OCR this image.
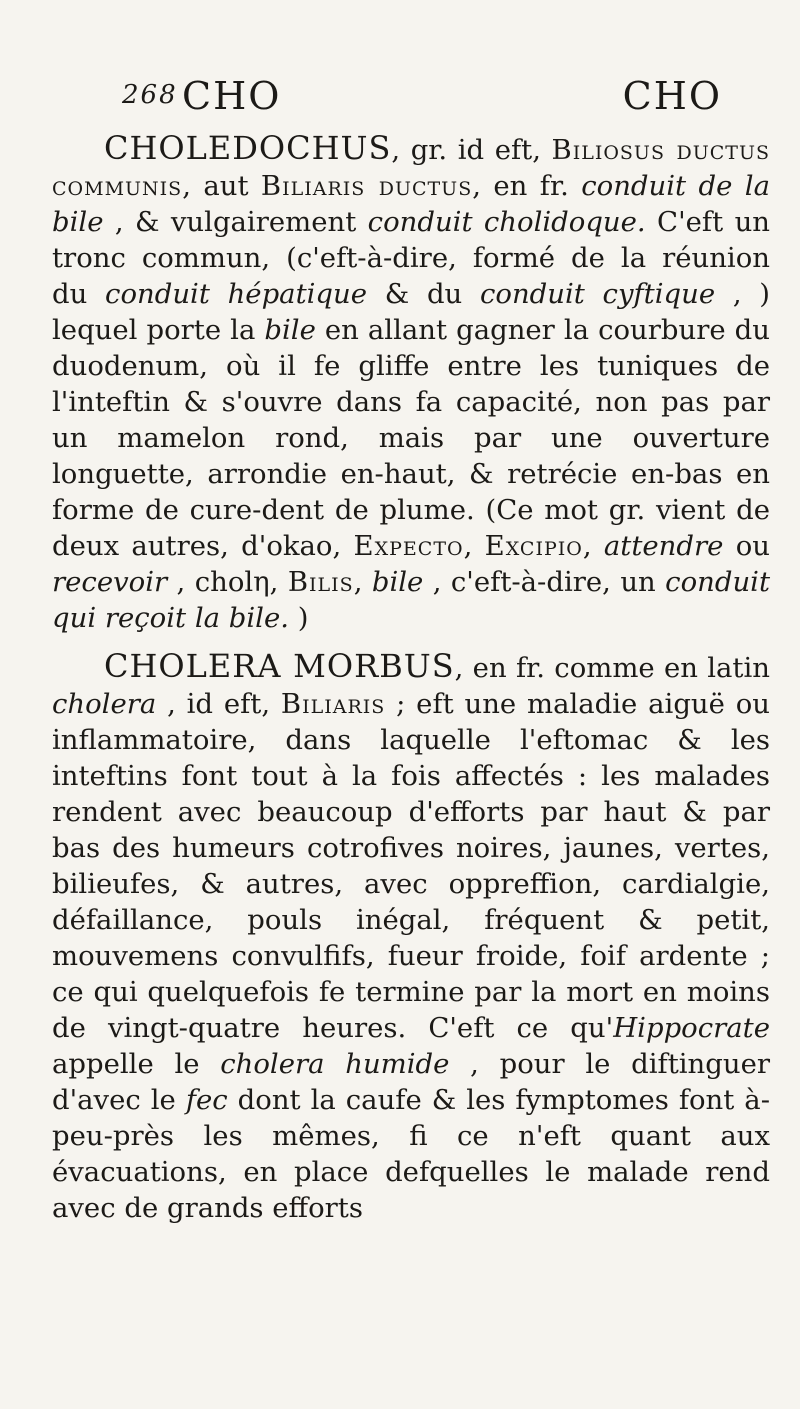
268 CHO	CHO

CHOLEDOCHUS, gr. id eft, Biliosus ductus communis, aut Biliaris ductus, en fr. conduit de la bile , & vulgairement conduit cholidoque. C'eft un tronc commun, (c'eft-à-dire, formé de la réunion du conduit hépatique & du conduit cyftique , ) lequel porte la bile en allant gagner la courbure du duodenum, où il fe gliffe entre les tuniques de l'inteftin & s'ouvre dans fa capacité, non pas par un mamelon rond, mais par une ouverture longuette, arrondie en-haut, & retrécie en-bas en forme de cure-dent de plume. (Ce mot gr. vient de deux autres, d'okao, Expecto, Excipio, attendre ou recevoir , cholη, Bilis, bile , c'eft-à-dire, un conduit qui reçoit la bile. )

CHOLERA MORBUS, en fr. comme en latin cholera , id eft, Biliaris ; eft une maladie aiguë ou inflammatoire, dans laquelle l'eftomac & les inteftins font tout à la fois affectés : les malades rendent avec beaucoup d'efforts par haut & par bas des humeurs cotrofives noires, jaunes, vertes, bilieufes, & autres, avec oppreffion, cardialgie, défaillance, pouls inégal, fréquent & petit, mouvemens convulfifs, fueur froide, foif ardente ; ce qui quelquefois fe termine par la mort en moins de vingt-quatre heures. C'eft ce qu'Hippocrate appelle le cholera humide , pour le diftinguer d'avec le fec dont la caufe & les fymptomes font à-peu-près les mêmes, fi ce n'eft quant aux évacuations, en place defquelles le malade rend avec de grands efforts
